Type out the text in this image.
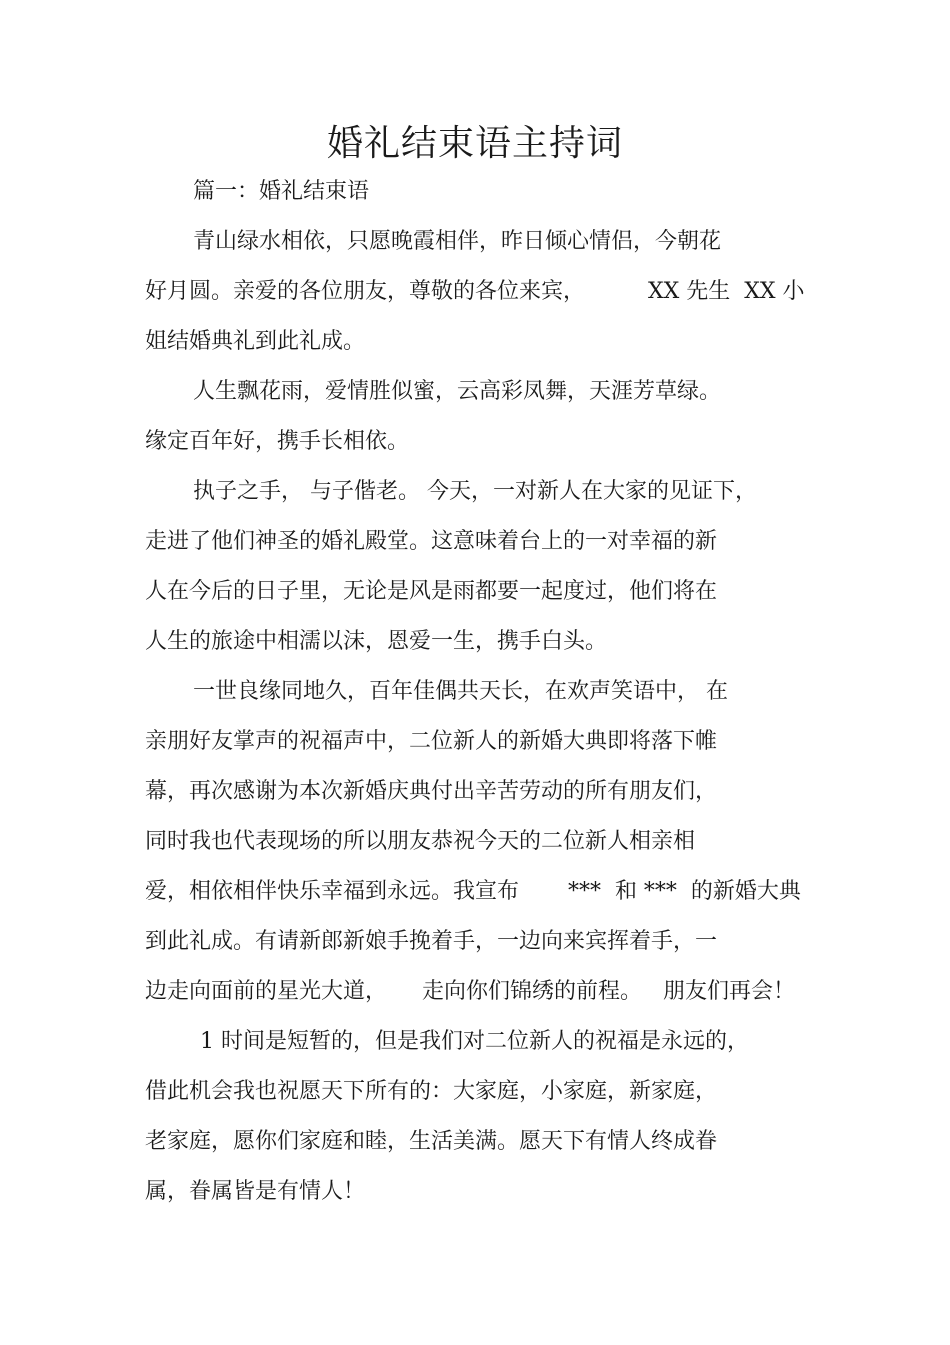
婚礼结束语主持词
篇一：婚礼结束语
青山绿水相依，只愿晚霞相伴，昨日倾心情侣，今朝花
好月圆。亲爱的各位朋友，尊敬的各位来宾，         XX 先生  XX 小
姐结婚典礼到此礼成。
人生飘花雨，爱情胜似蜜，云高彩凤舞，天涯芳草绿。
缘定百年好，携手长相依。
执子之手， 与子偕老。 今天，一对新人在大家的见证下，
走进了他们神圣的婚礼殿堂。这意味着台上的一对幸福的新
人在今后的日子里，无论是风是雨都要一起度过，他们将在
人生的旅途中相濡以沫，恩爱一生，携手白头。
一世良缘同地久，百年佳偶共天长，在欢声笑语中， 在
亲朋好友掌声的祝福声中，二位新人的新婚大典即将落下帷
幕，再次感谢为本次新婚庆典付出辛苦劳动的所有朋友们，
同时我也代表现场的所以朋友恭祝今天的二位新人相亲相
爱，相依相伴快乐幸福到永远。我宣布       ***  和 ***  的新婚大典
到此礼成。有请新郎新娘手挽着手，一边向来宾挥着手，一
边走向面前的星光大道，     走向你们锦绣的前程。   朋友们再会！
1 时间是短暂的，但是我们对二位新人的祝福是永远的，
借此机会我也祝愿天下所有的：大家庭，小家庭，新家庭，
老家庭，愿你们家庭和睦，生活美满。愿天下有情人终成眷
属，眷属皆是有情人！
